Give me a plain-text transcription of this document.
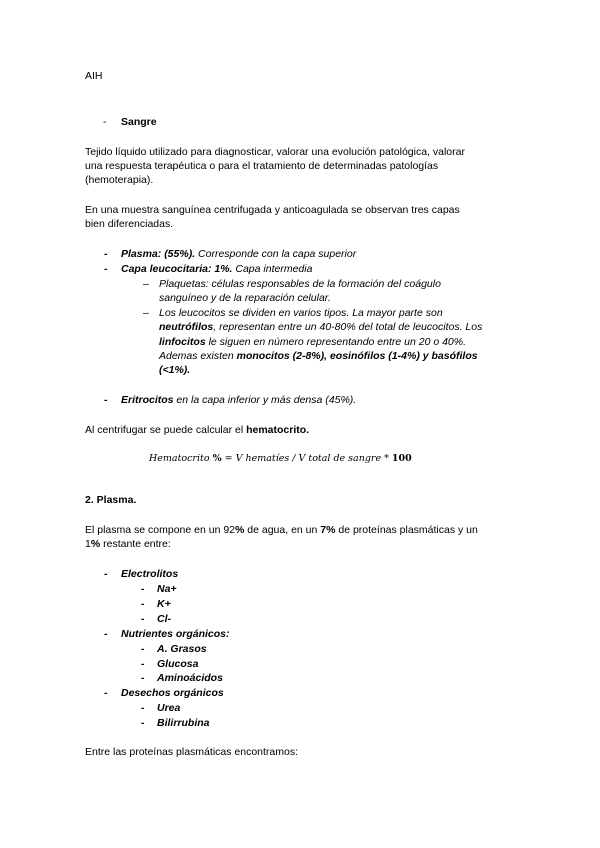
AIH
- Sangre
Tejido líquido utilizado para diagnosticar, valorar una evolución patológica, valorar
una respuesta terapéutica o para el tratamiento de determinadas patologías
(hemoterapia).
En una muestra sanguínea centrifugada y anticoagulada se observan tres capas
bien diferenciadas.
- Plasma: (55%). Corresponde con la capa superior
- Capa leucocitaria: 1%. Capa intermedia
– Plaquetas: células responsables de la formación del coágulo
sanguíneo y de la reparación celular.
– Los leucocitos se dividen en varios tipos. La mayor parte son
neutrófilos, representan entre un 40-80% del total de leucocitos. Los
linfocitos le siguen en número representando entre un 20 o 40%.
Ademas existen monocitos (2-8%), eosinófilos (1-4%) y basófilos
(<1%).
- Eritrocitos en la capa inferior y más densa (45%).
Al centrifugar se puede calcular el hematocrito.
Hematocrito % = V hematíes / V total de sangre * 100
2. Plasma.
El plasma se compone en un 92% de agua, en un 7% de proteínas plasmáticas y un
1% restante entre:
- Electrolitos
- Na+
- K+
- Cl-
- Nutrientes orgánicos:
- A. Grasos
- Glucosa
- Aminoácidos
- Desechos orgánicos
- Urea
- Bilirrubina
Entre las proteínas plasmáticas encontramos:
